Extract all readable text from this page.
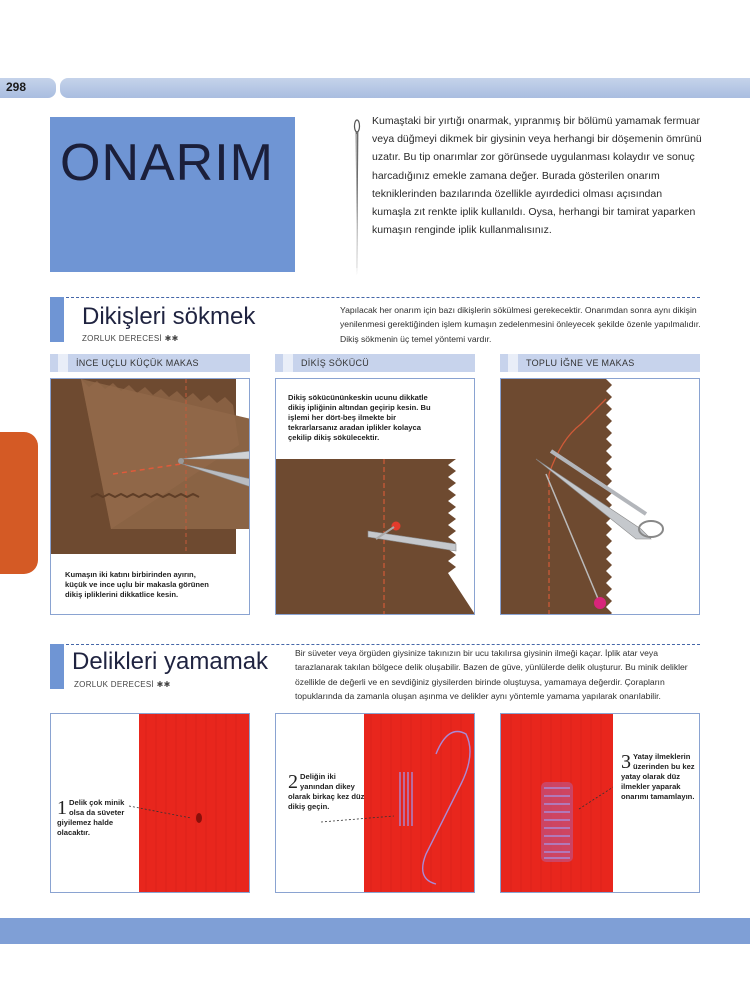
298
ONARIM
Kumaştaki bir yırtığı onarmak, yıpranmış bir bölümü yamamak fermuar veya düğmeyi dikmek bir giysinin veya herhangi bir döşemenin ömrünü uzatır. Bu tip onarımlar zor görünsede uygulanması kolaydır ve sonuç harcadığınız emekle zamana değer. Burada gösterilen onarım tekniklerinden bazılarında özellikle ayırdedici olması açısından kumaşla zıt renkte iplik kullanıldı. Oysa, herhangi bir tamirat yaparken kumaşın renginde iplik kullanmalısınız.
Dikişleri sökmek
ZORLUK DERECESİ ✱✱
Yapılacak her onarım için bazı dikişlerin sökülmesi gerekecektir. Onarımdan sonra aynı dikişin yenilenmesi gerektiğinden işlem kumaşın zedelenmesini önleyecek şekilde özenle yapılmalıdır. Dikiş sökmenin üç temel yöntemi vardır.
İNCE UÇLU KÜÇÜK MAKAS	DİKİŞ SÖKÜCÜ	TOPLU İĞNE VE MAKAS
Kumaşın iki katını birbirinden ayırın, küçük ve ince uçlu bir makasla görünen dikiş ipliklerini dikkatlice kesin.
Dikiş sökücününkeskin ucunu dikkatle dikiş ipliğinin altından geçirip kesin. Bu işlemi her dört-beş ilmekte bir tekrarlarsanız aradan iplikler kolayca çekilip dikiş sökülecektir.
Delikleri yamamak
ZORLUK DERECESİ ✱✱
Bir süveter veya örgüden giysinize takınızın bir ucu takılırsa giysinin ilmeği kaçar. İplik atar veya tarazlanarak takılan bölgece delik oluşabilir. Bazen de güve, yünlülerde delik oluşturur. Bu minik delikler özellikle de değerli ve en sevdiğiniz giysilerden birinde oluştuysa, yamamaya değerdir. Çorapların topuklarında da zamanla oluşan aşınma ve delikler aynı yöntemle yamama yapılarak onarılabilir.
1 Delik çok minik olsa da süveter giyilemez halde olacaktır.
2 Deliğin iki yanından dikey olarak birkaç kez düz dikiş geçin.
3 Yatay ilmeklerin üzerinden bu kez yatay olarak düz ilmekler yaparak onarımı tamamlayın.
